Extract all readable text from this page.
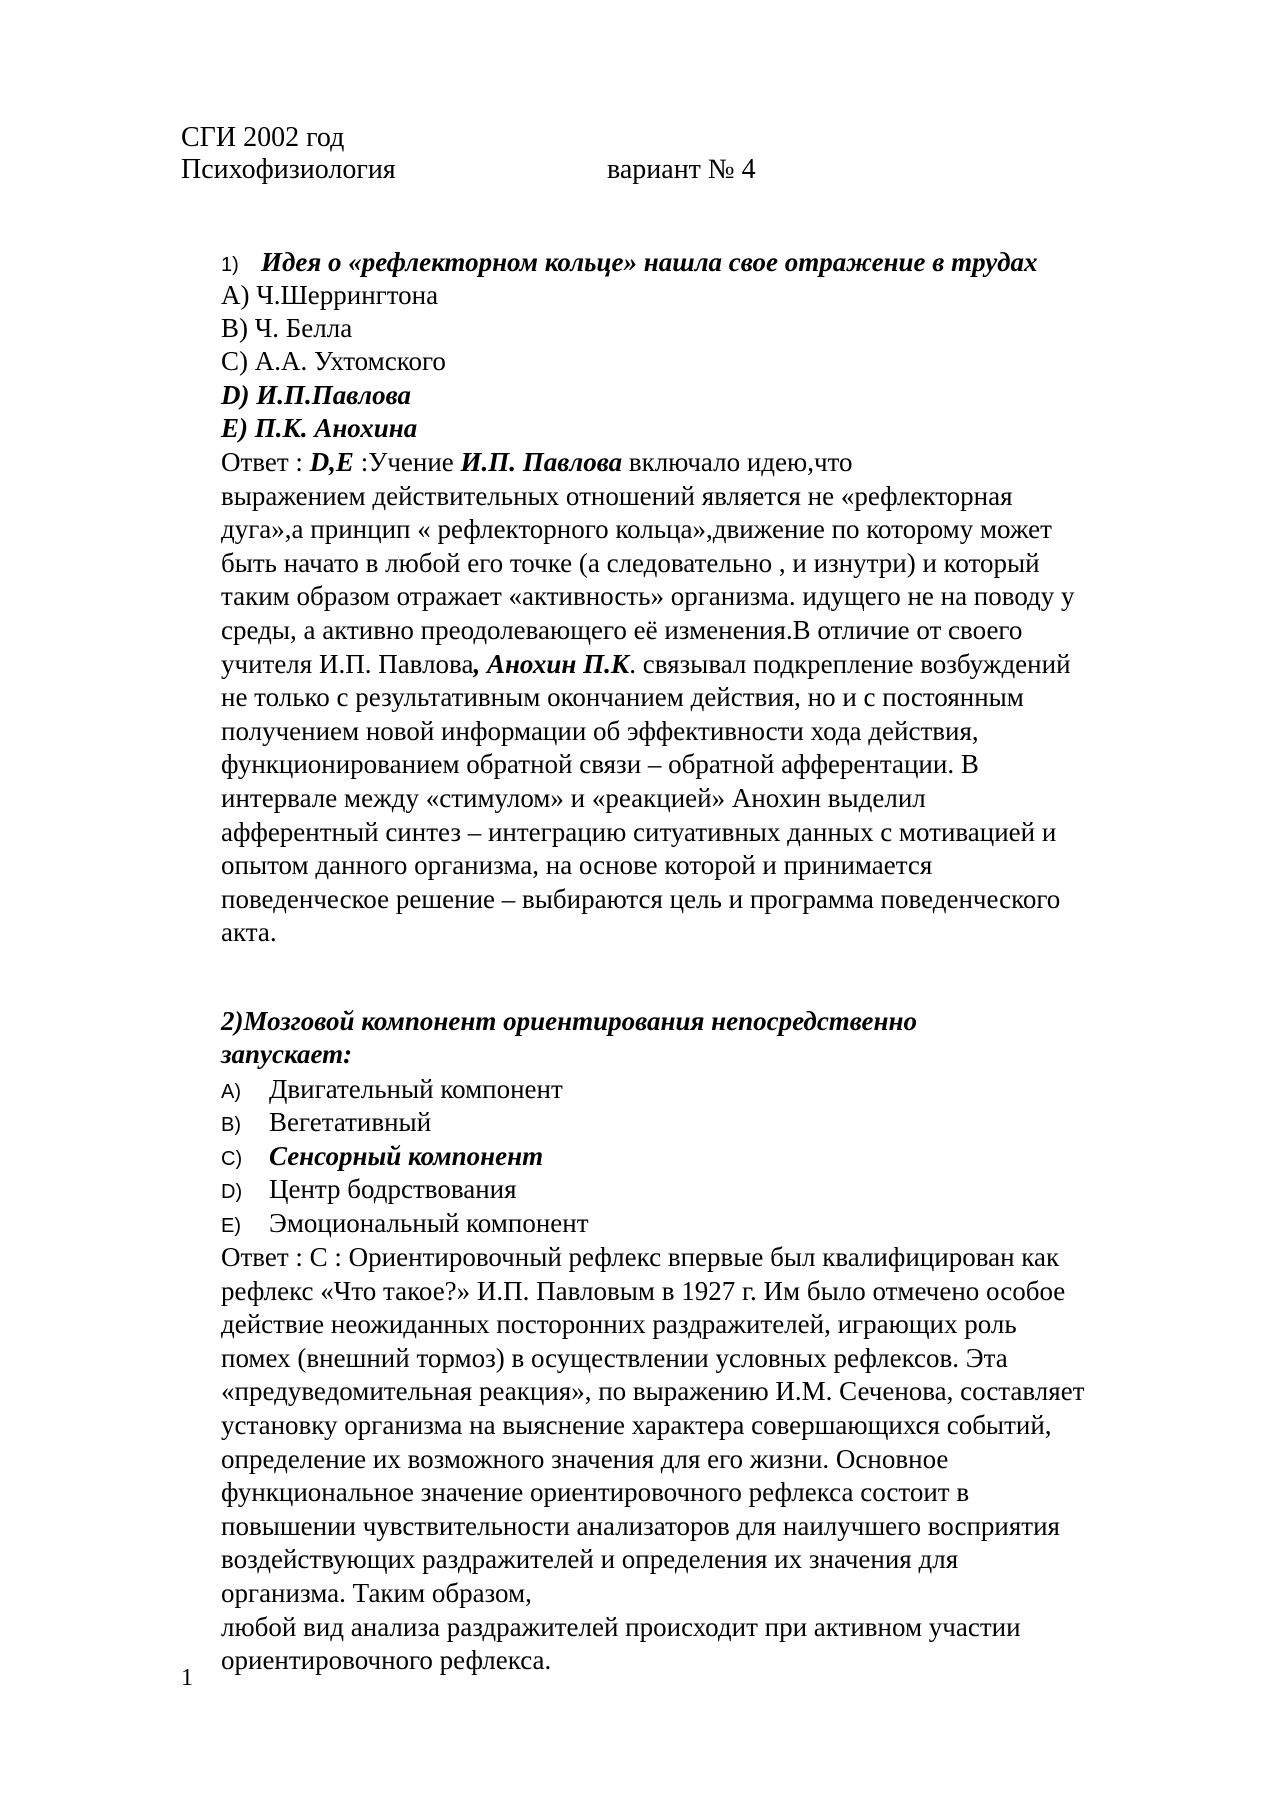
СГИ 2002 год

Психофизиология	вариант № 4

1) Идея о «рефлекторном кольце» нашла свое отражение в трудах

А) Ч.Шеррингтона

В) Ч. Белла

С) А.А. Ухтомского

D) И.П.Павлова

Е) П.К. Анохина

Ответ : D,E :Учение И.П. Павлова включало идею,что

выражением действительных отношений является не «рефлекторная

дуга»,а принцип « рефлекторного кольца»,движение по которому может

быть начато в любой его точке (а следовательно , и изнутри) и который

таким образом отражает «активность» организма. идущего не на поводу у

среды, а активно преодолевающего её изменения.В отличие от своего

учителя И.П. Павлова, Анохин П.К. связывал подкрепление возбуждений

не только с результативным окончанием действия, но и с постоянным

получением новой информации об эффективности хода действия,

функционированием обратной связи – обратной афферентации. В

интервале между «стимулом» и «реакцией» Анохин выделил

афферентный синтез – интеграцию ситуативных данных с мотивацией и

опытом данного организма, на основе которой и принимается

поведенческое решение – выбираются цель и программа поведенческого

акта.

2)Мозговой компонент ориентирования непосредственно

запускает:

A) Двигательный компонент

B) Вегетативный

C) Сенсорный компонент

D) Центр бодрствования

E) Эмоциональный компонент

Ответ : С : Ориентировочный рефлекс впервые был квалифицирован как

рефлекс «Что такое?» И.П. Павловым в 1927 г. Им было отмечено особое

действие неожиданных посторонних раздражителей, играющих роль

помех (внешний тормоз) в осуществлении условных рефлексов. Эта

«предуведомительная реакция», по выражению И.М. Сеченова, составляет

установку организма на выяснение характера совершающихся событий,

определение их возможного значения для его жизни. Основное

функциональное значение ориентировочного рефлекса состоит в

повышении чувствительности анализаторов для наилучшего восприятия

воздействующих раздражителей и определения их значения для

организма. Таким образом,

любой вид анализа раздражителей происходит при активном участии

ориентировочного рефлекса.

1
